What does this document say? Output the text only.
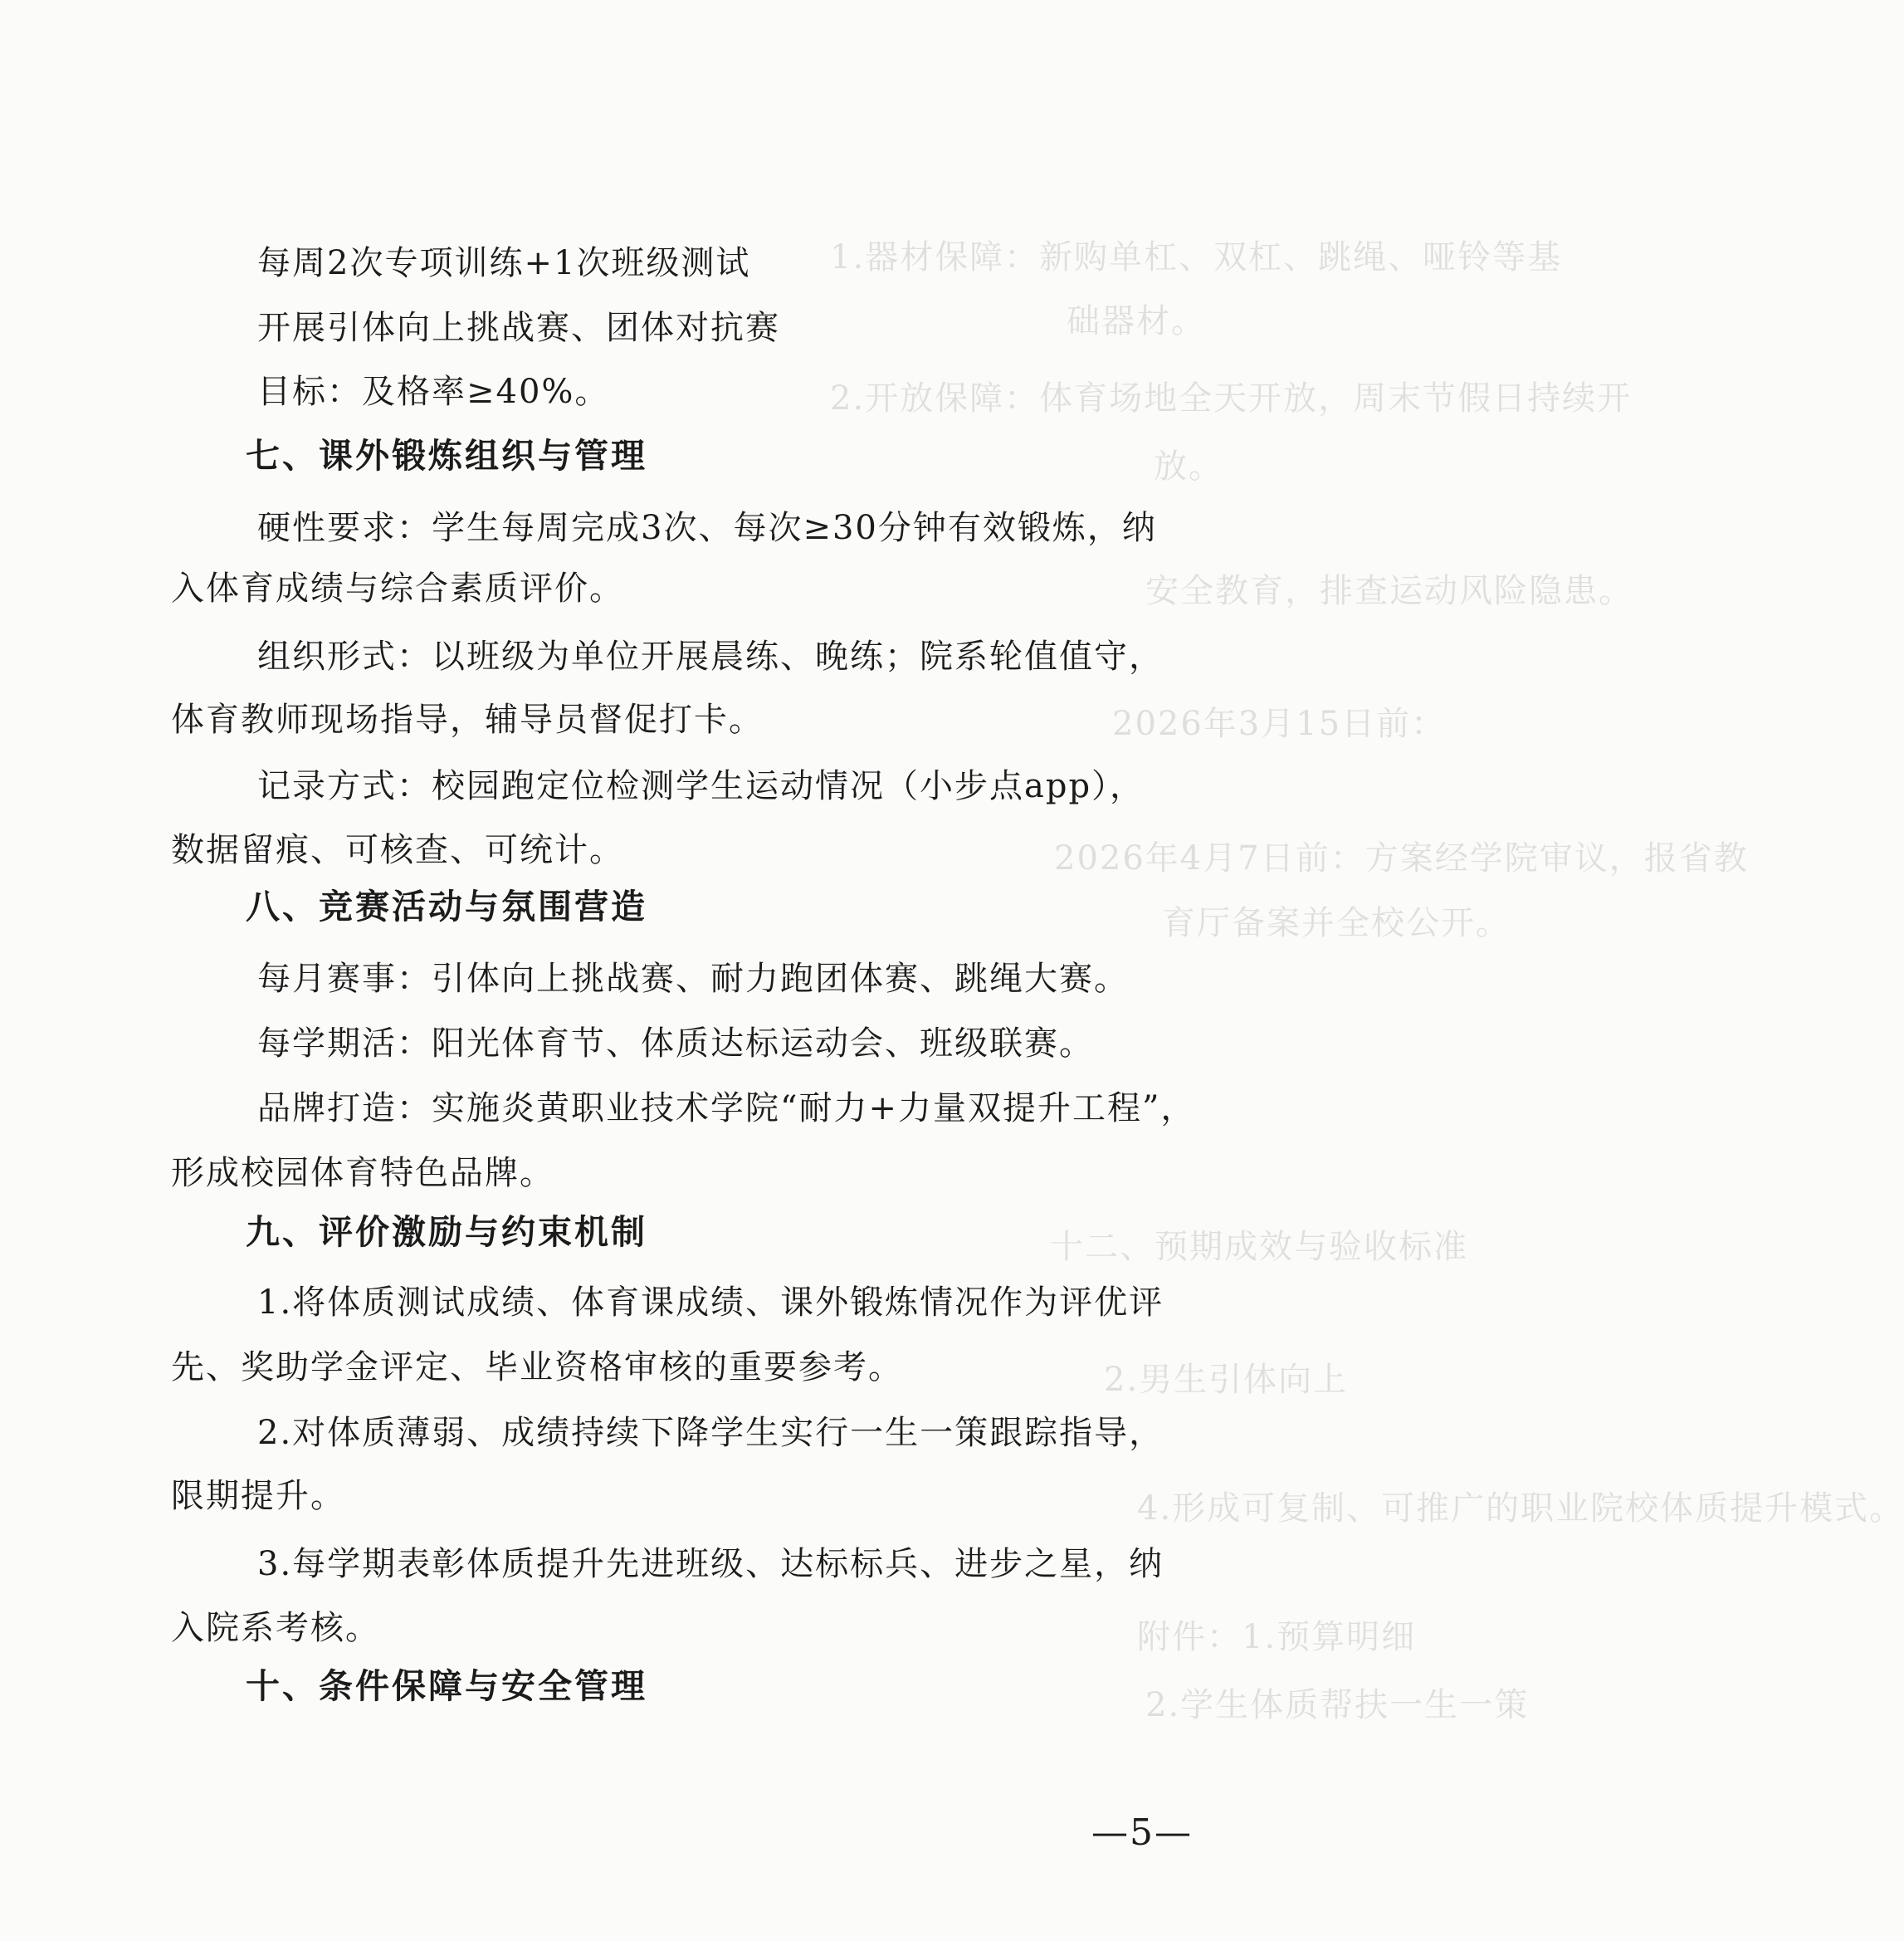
1.器材保障：新购单杠、双杠、跳绳、哑铃等基
础器材。
2.开放保障：体育场地全天开放，周末节假日持续开
放。
安全教育，排查运动风险隐患。
2026年3月15日前：
2026年4月7日前：方案经学院审议，报省教
育厅备案并全校公开。
十二、预期成效与验收标准
2.男生引体向上
4.形成可复制、可推广的职业院校体质提升模式。
附件：1.预算明细
2.学生体质帮扶一生一策
每周2次专项训练+1次班级测试
开展引体向上挑战赛、团体对抗赛
目标：及格率≥40%。
七、课外锻炼组织与管理
硬性要求：学生每周完成3次、每次≥30分钟有效锻炼，纳
入体育成绩与综合素质评价。
组织形式：以班级为单位开展晨练、晚练；院系轮值值守，
体育教师现场指导，辅导员督促打卡。
记录方式：校园跑定位检测学生运动情况（小步点app），
数据留痕、可核查、可统计。
八、竞赛活动与氛围营造
每月赛事：引体向上挑战赛、耐力跑团体赛、跳绳大赛。
每学期活：阳光体育节、体质达标运动会、班级联赛。
品牌打造：实施炎黄职业技术学院“耐力+力量双提升工程”，
形成校园体育特色品牌。
九、评价激励与约束机制
1.将体质测试成绩、体育课成绩、课外锻炼情况作为评优评
先、奖助学金评定、毕业资格审核的重要参考。
2.对体质薄弱、成绩持续下降学生实行一生一策跟踪指导，
限期提升。
3.每学期表彰体质提升先进班级、达标标兵、进步之星，纳
入院系考核。
十、条件保障与安全管理
—5—
